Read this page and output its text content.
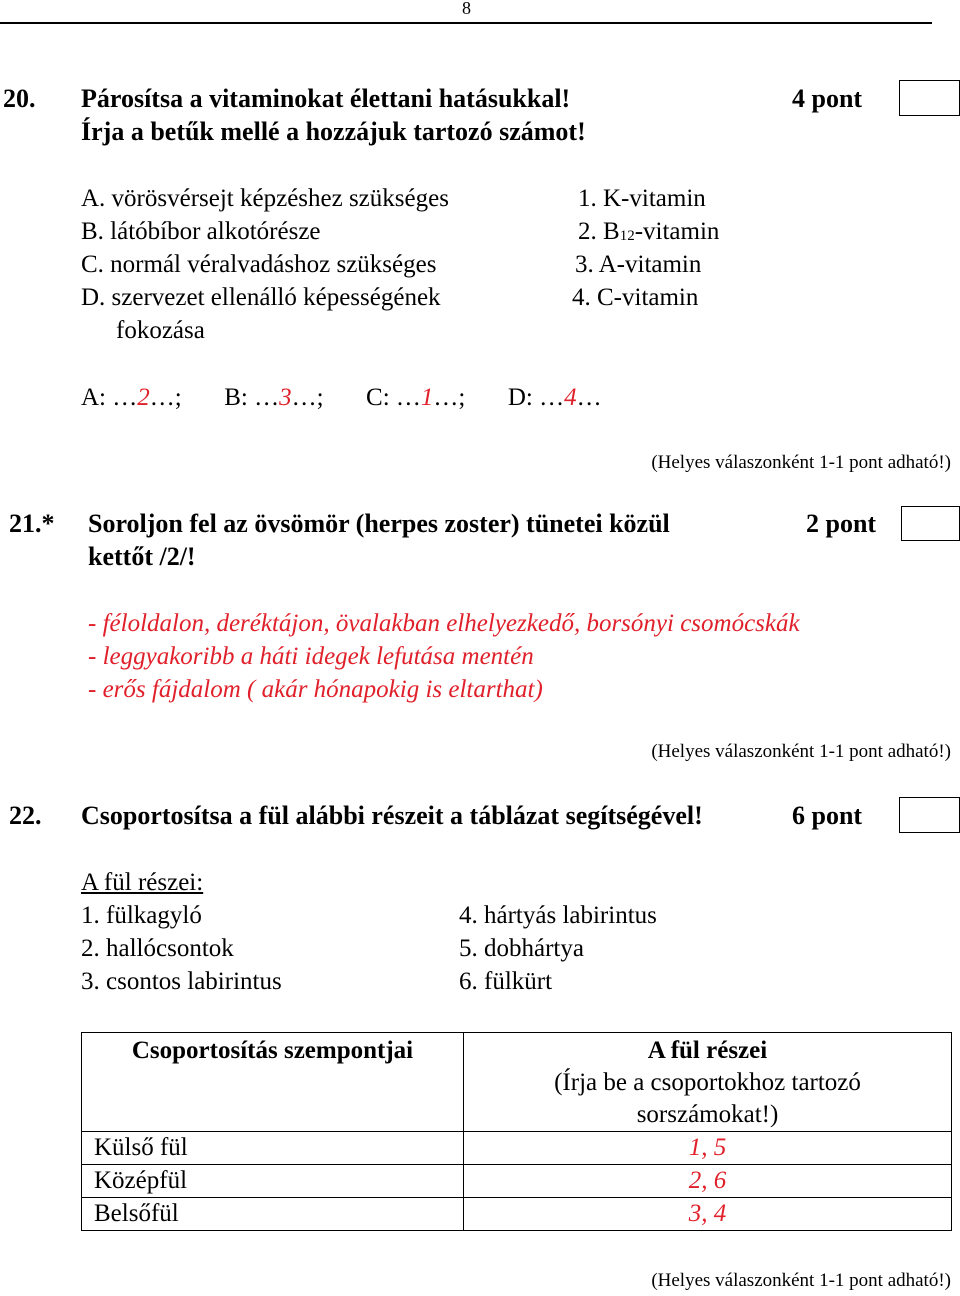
8
20. Párosítsa a vitaminokat élettani hatásukkal!	4 pont
Írja a betűk mellé a hozzájuk tartozó számot!
A. vörösvérsejt képzéshez szükséges
B. látóbíbor alkotórésze
C. normál véralvadáshoz szükséges
D. szervezet ellenálló képességének
fokozása
1. K-vitamin
2. $B_{12}$-vitamin
3. A-vitamin
4. C-vitamin
A: …2…; B: …3…; C: …1…; D: …4…
(Helyes válaszonként 1-1 pont adható!)
21.* Soroljon fel az övsömör (herpes zoster) tünetei közül	2 pont
kettőt /2/!
- féloldalon, deréktájon, övalakban elhelyezkedő, borsónyi csomócskák
- leggyakoribb a háti idegek lefutása mentén
- erős fájdalom ( akár hónapokig is eltarthat)
(Helyes válaszonként 1-1 pont adható!)
22. Csoportosítsa a fül alábbi részeit a táblázat segítségével!	6 pont
A fül részei:
1. fülkagyló
2. hallócsontok
3. csontos labirintus
4. hártyás labirintus
5. dobhártya
6. fülkürt
Csoportosítás szempontjai	A fül részei
(Írja be a csoportokhoz tartozó
sorszámokat!)

Külső fül	1, 5
Középfül	2, 6
Belsőfül	3, 4
(Helyes válaszonként 1-1 pont adható!)
